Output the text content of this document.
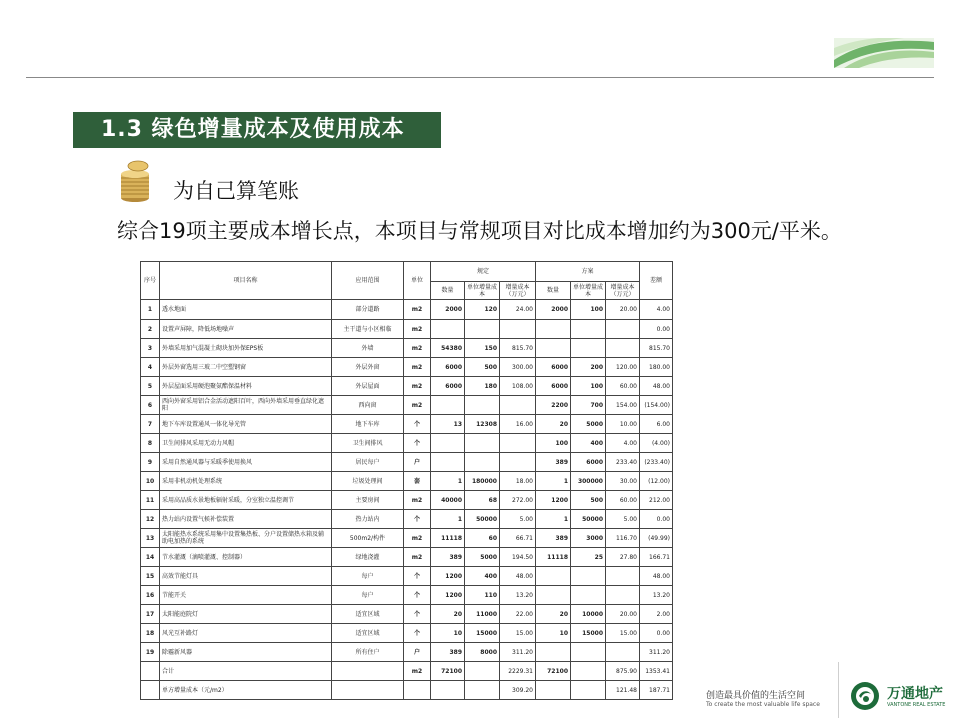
1.3 绿色增量成本及使用成本
为自己算笔账
综合19项主要成本增长点，本项目与常规项目对比成本增加约为300元/平米。
序号	项目名称	应用范围	单位	规定			方案			差额
				数量	单位增量成本	增量成本（万元）	数量	单位增量成本	增量成本（万元）	
1	透水地面	部分道路	m2	2000	120	24.00	2000	100	20.00	4.00
2	设置声屏障，降低场地噪声	主干道与小区相临	m2							0.00
3	外墙采用加气混凝土砌块加外保EPS板	外墙	m2	54380	150	815.70				815.70
4	外层外窗选用三玻二中空塑钢窗	外层外窗	m2	6000	500	300.00	6000	200	120.00	180.00
5	外层屋面采用硬泡聚氨酯保温材料	外层屋面	m2	6000	180	108.00	6000	100	60.00	48.00
6	西向外窗采用铝合金活动遮阳百叶，西向外墙采用垂直绿化遮阳	西向窗	m2				2200	700	154.00	(154.00)
7	地下车库设置通风一体化导光管	地下车库	个	13	12308	16.00	20	5000	10.00	6.00
8	卫生间排风采用无动力风帽	卫生间排风	个				100	400	4.00	(4.00)
9	采用自然通风器与采暖季使用换风	居民每户	户				389	6000	233.40	(233.40)
10	采用非机动机处理系统	垃圾处理间	套	1	180000	18.00	1	300000	30.00	(12.00)
11	采用高品质水景地板辐射采暖，分室独立温控调节	主要房间	m2	40000	68	272.00	1200	500	60.00	212.00
12	热力站内设置气候补偿装置	热力站内	个	1	50000	5.00	1	50000	5.00	0.00
13	太阳能热水系统采用集中设置集热板、分户设置储热水箱及辅助电加热的系统	500m2/构件	m2	11118	60	66.71	389	3000	116.70	(49.99)
14	节水灌溉（滴喷灌溉、控制器）	绿地浇灌	m2	389	5000	194.50	11118	25	27.80	166.71
15	高效节能灯具	每户	个	1200	400	48.00				48.00
16	节能开关	每户	个	1200	110	13.20				13.20
17	太阳能庭院灯	适宜区域	个	20	11000	22.00	20	10000	20.00	2.00
18	风光互补路灯	适宜区域	个	10	15000	15.00	10	15000	15.00	0.00
19	除霾新风器	所有住户	户	389	8000	311.20				311.20
	合计		m2	72100		2229.31	72100		875.90	1353.41
	单方增量成本（元/m2）					309.20			121.48	187.71
创造最具价值的生活空间
To create the most valuable life space
万通地产
VANTONE REAL ESTATE
